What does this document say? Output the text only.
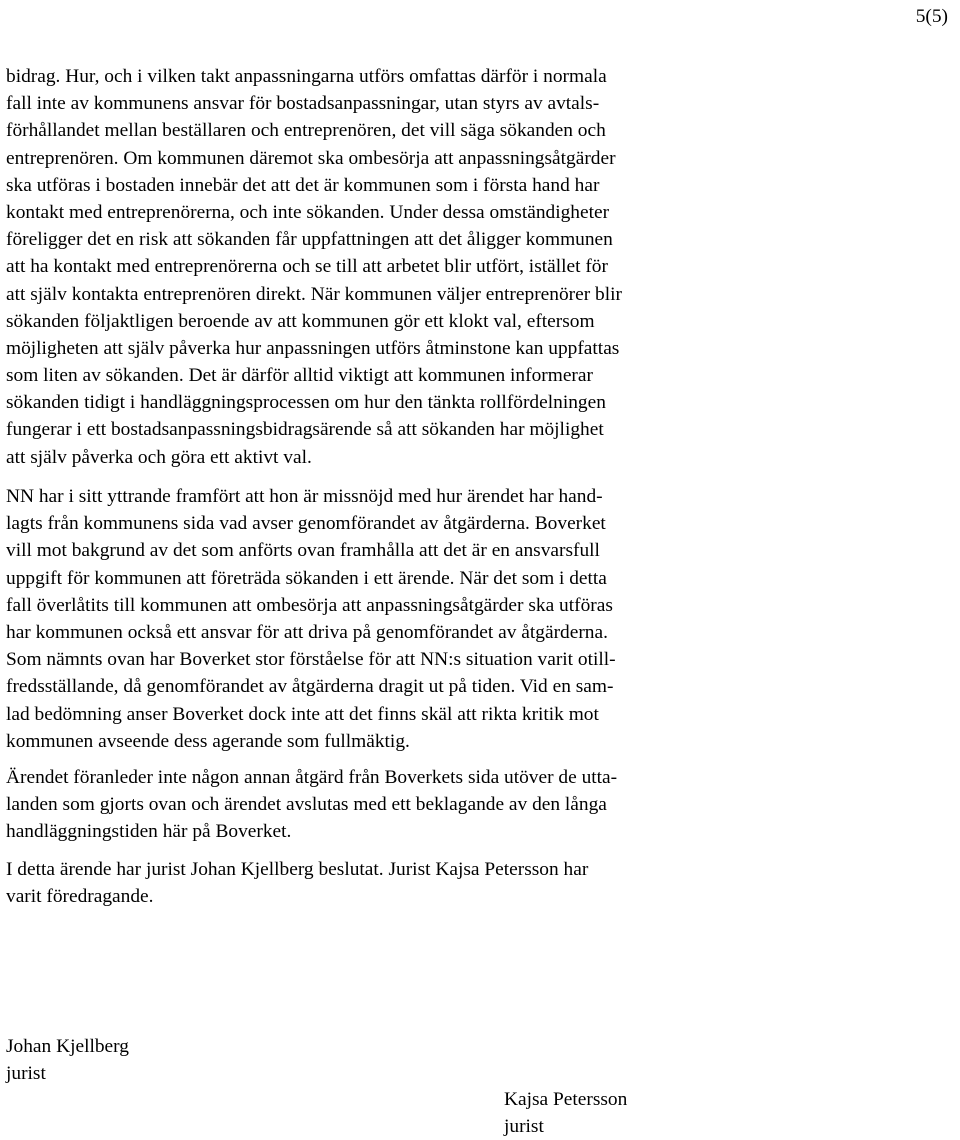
5(5)
bidrag. Hur, och i vilken takt anpassningarna utförs omfattas därför i normala
fall inte av kommunens ansvar för bostadsanpassningar, utan styrs av avtals-
förhållandet mellan beställaren och entreprenören, det vill säga sökanden och
entreprenören. Om kommunen däremot ska ombesörja att anpassningsåtgärder
ska utföras i bostaden innebär det att det är kommunen som i första hand har
kontakt med entreprenörerna, och inte sökanden. Under dessa omständigheter
föreligger det en risk att sökanden får uppfattningen att det åligger kommunen
att ha kontakt med entreprenörerna och se till att arbetet blir utfört, istället för
att själv kontakta entreprenören direkt. När kommunen väljer entreprenörer blir
sökanden följaktligen beroende av att kommunen gör ett klokt val, eftersom
möjligheten att själv påverka hur anpassningen utförs åtminstone kan uppfattas
som liten av sökanden. Det är därför alltid viktigt att kommunen informerar
sökanden tidigt i handläggningsprocessen om hur den tänkta rollfördelningen
fungerar i ett bostadsanpassningsbidragsärende så att sökanden har möjlighet
att själv påverka och göra ett aktivt val.
NN har i sitt yttrande framfört att hon är missnöjd med hur ärendet har hand-
lagts från kommunens sida vad avser genomförandet av åtgärderna. Boverket
vill mot bakgrund av det som anförts ovan framhålla att det är en ansvarsfull
uppgift för kommunen att företräda sökanden i ett ärende. När det som i detta
fall överlåtits till kommunen att ombesörja att anpassningsåtgärder ska utföras
har kommunen också ett ansvar för att driva på genomförandet av åtgärderna.
Som nämnts ovan har Boverket stor förståelse för att NN:s situation varit otill-
fredsställande, då genomförandet av åtgärderna dragit ut på tiden. Vid en sam-
lad bedömning anser Boverket dock inte att det finns skäl att rikta kritik mot
kommunen avseende dess agerande som fullmäktig.
Ärendet föranleder inte någon annan åtgärd från Boverkets sida utöver de utta-
landen som gjorts ovan och ärendet avslutas med ett beklagande av den långa
handläggningstiden här på Boverket.
I detta ärende har jurist Johan Kjellberg beslutat. Jurist Kajsa Petersson har
varit föredragande.
Johan Kjellberg
jurist
Kajsa Petersson
jurist
